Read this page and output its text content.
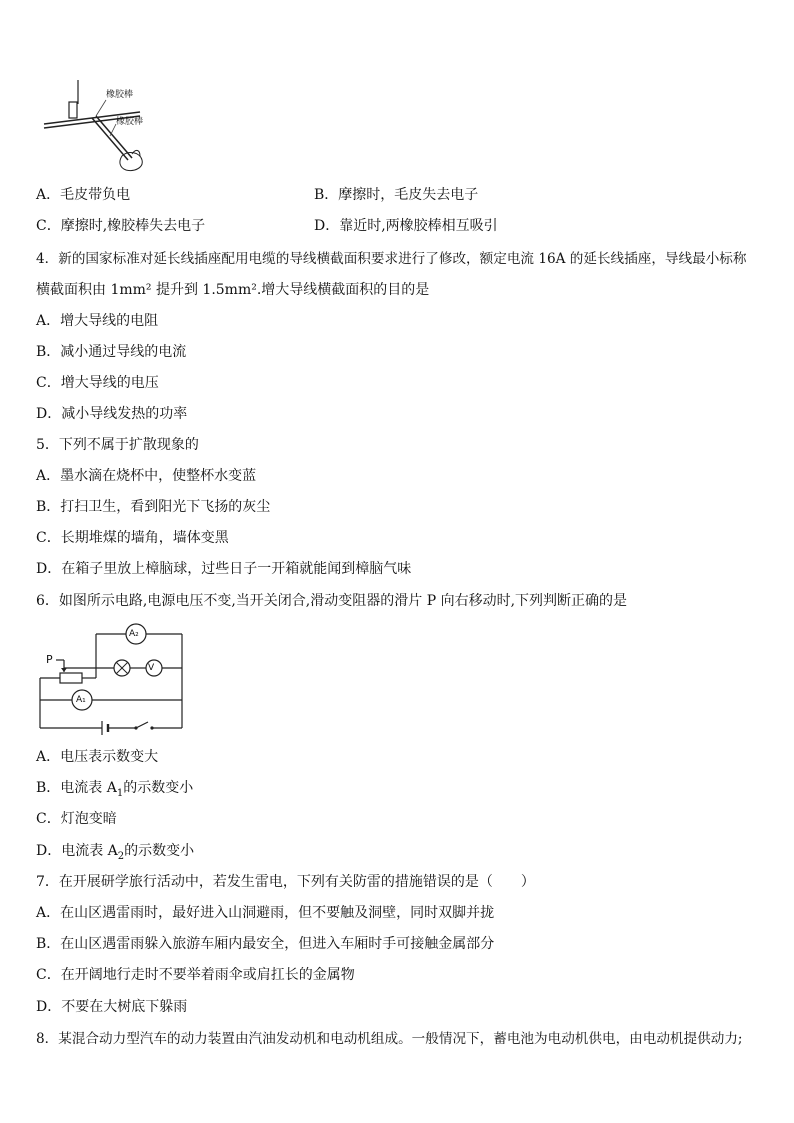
橡胶棒
橡胶棒
A．毛皮带负电	B．摩擦时，毛皮失去电子
C．摩擦时,橡胶棒失去电子	D．靠近时,两橡胶棒相互吸引
4．新的国家标准对延长线插座配用电缆的导线横截面积要求进行了修改，额定电流 16A 的延长线插座，导线最小标称
横截面积由 1mm² 提升到 1.5mm².增大导线横截面积的目的是
A．增大导线的电阻
B．减小通过导线的电流
C．增大导线的电压
D．减小导线发热的功率
5．下列不属于扩散现象的
A．墨水滴在烧杯中，使整杯水变蓝
B．打扫卫生，看到阳光下飞扬的灰尘
C．长期堆煤的墙角，墙体变黑
D．在箱子里放上樟脑球，过些日子一开箱就能闻到樟脑气味
6．如图所示电路,电源电压不变,当开关闭合,滑动变阻器的滑片 P 向右移动时,下列判断正确的是
P
A₂
V
A₁
A．电压表示数变大
B．电流表 $A_1$的示数变小
C．灯泡变暗
D．电流表 $A_2$的示数变小
7．在开展研学旅行活动中，若发生雷电，下列有关防雷的措施错误的是（　　）
A．在山区遇雷雨时，最好进入山洞避雨，但不要触及洞壁，同时双脚并拢
B．在山区遇雷雨躲入旅游车厢内最安全，但进入车厢时手可接触金属部分
C．在开阔地行走时不要举着雨伞或肩扛长的金属物
D．不要在大树底下躲雨
8．某混合动力型汽车的动力装置由汽油发动机和电动机组成。一般情况下，蓄电池为电动机供电，由电动机提供动力;
